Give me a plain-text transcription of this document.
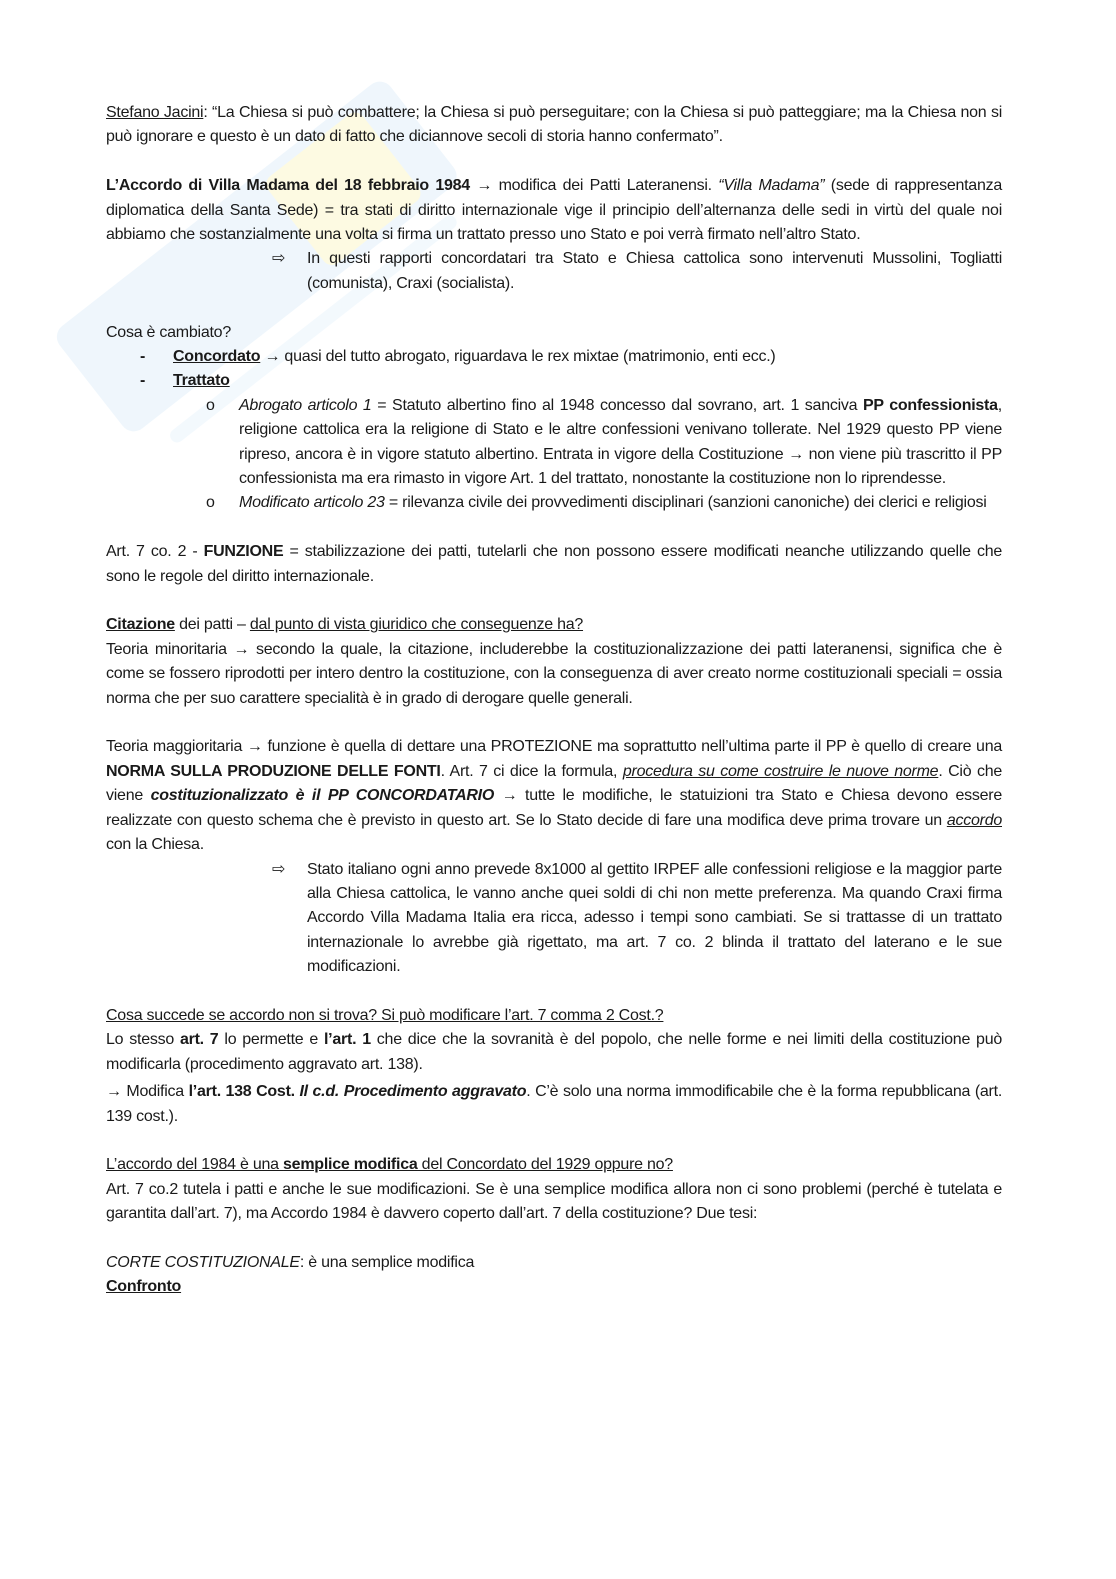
Stefano Jacini: “La Chiesa si può combattere; la Chiesa si può perseguitare; con la Chiesa si può patteggiare; ma la Chiesa non si può ignorare e questo è un dato di fatto che diciannove secoli di storia hanno confermato”.

L’Accordo di Villa Madama del 18 febbraio 1984 → modifica dei Patti Lateranensi. “Villa Madama” (sede di rappresentanza diplomatica della Santa Sede) = tra stati di diritto internazionale vige il principio dell’alternanza delle sedi in virtù del quale noi abbiamo che sostanzialmente una volta si firma un trattato presso uno Stato e poi verrà firmato nell’altro Stato.

⇨	In questi rapporti concordatari tra Stato e Chiesa cattolica sono intervenuti Mussolini, Togliatti (comunista), Craxi (socialista).

Cosa è cambiato?

-	Concordato → quasi del tutto abrogato, riguardava le rex mixtae (matrimonio, enti ecc.)

-	Trattato

o	Abrogato articolo 1 = Statuto albertino fino al 1948 concesso dal sovrano, art. 1 sanciva PP confessionista, religione cattolica era la religione di Stato e le altre confessioni venivano tollerate. Nel 1929 questo PP viene ripreso, ancora è in vigore statuto albertino. Entrata in vigore della Costituzione → non viene più trascritto il PP confessionista ma era rimasto in vigore Art. 1 del trattato, nonostante la costituzione non lo riprendesse.

o	Modificato articolo 23 = rilevanza civile dei provvedimenti disciplinari (sanzioni canoniche) dei clerici e religiosi

Art. 7 co. 2 - FUNZIONE = stabilizzazione dei patti, tutelarli che non possono essere modificati neanche utilizzando quelle che sono le regole del diritto internazionale.

Citazione dei patti – dal punto di vista giuridico che conseguenze ha?

Teoria minoritaria → secondo la quale, la citazione, includerebbe la costituzionalizzazione dei patti lateranensi, significa che è come se fossero riprodotti per intero dentro la costituzione, con la conseguenza di aver creato norme costituzionali speciali = ossia norma che per suo carattere specialità è in grado di derogare quelle generali.

Teoria maggioritaria → funzione è quella di dettare una PROTEZIONE ma soprattutto nell’ultima parte il PP è quello di creare una NORMA SULLA PRODUZIONE DELLE FONTI. Art. 7 ci dice la formula, procedura su come costruire le nuove norme. Ciò che viene costituzionalizzato è il PP CONCORDATARIO → tutte le modifiche, le statuizioni tra Stato e Chiesa devono essere realizzate con questo schema che è previsto in questo art. Se lo Stato decide di fare una modifica deve prima trovare un accordo con la Chiesa.

⇨	Stato italiano ogni anno prevede 8x1000 al gettito IRPEF alle confessioni religiose e la maggior parte alla Chiesa cattolica, le vanno anche quei soldi di chi non mette preferenza. Ma quando Craxi firma Accordo Villa Madama Italia era ricca, adesso i tempi sono cambiati. Se si trattasse di un trattato internazionale lo avrebbe già rigettato, ma art. 7 co. 2 blinda il trattato del laterano e le sue modificazioni.

Cosa succede se accordo non si trova? Si può modificare l’art. 7 comma 2 Cost.?

Lo stesso art. 7 lo permette e l’art. 1 che dice che la sovranità è del popolo, che nelle forme e nei limiti della costituzione può modificarla (procedimento aggravato art. 138).

→ Modifica l’art. 138 Cost. Il c.d. Procedimento aggravato. C’è solo una norma immodificabile che è la forma repubblicana (art. 139 cost.).

L’accordo del 1984 è una semplice modifica del Concordato del 1929 oppure no?

Art. 7 co.2 tutela i patti e anche le sue modificazioni. Se è una semplice modifica allora non ci sono problemi (perché è tutelata e garantita dall’art. 7), ma Accordo 1984 è davvero coperto dall’art. 7 della costituzione? Due tesi:

CORTE COSTITUZIONALE: è una semplice modifica

Confronto
